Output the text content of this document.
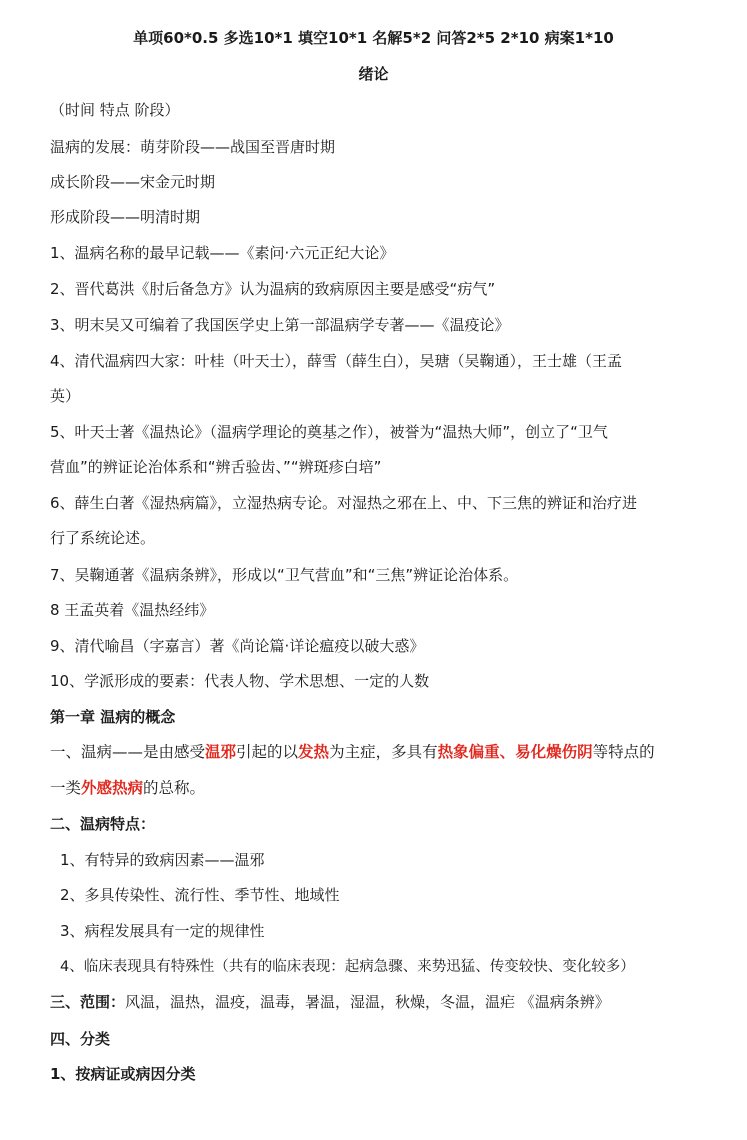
单项60*0.5 多选10*1 填空10*1 名解5*2 问答2*5 2*10 病案1*10
绪论
（时间 特点 阶段）
温病的发展：萌芽阶段——战国至晋唐时期
成长阶段——宋金元时期
形成阶段——明清时期
1、温病名称的最早记载——《素问·六元正纪大论》
2、晋代葛洪《肘后备急方》认为温病的致病原因主要是感受“疠气”
3、明末吴又可编着了我国医学史上第一部温病学专著——《温疫论》
4、清代温病四大家：叶桂（叶天士），薛雪（薛生白），吴瑭（吴鞠通），王士雄（王孟
英）
5、叶天士著《温热论》（温病学理论的奠基之作），被誉为“温热大师”，创立了“卫气
营血”的辨证论治体系和“辨舌验齿、”“辨斑疹白培”
6、薛生白著《湿热病篇》，立湿热病专论。对湿热之邪在上、中、下三焦的辨证和治疗进
行了系统论述。
7、吴鞠通著《温病条辨》，形成以“卫气营血”和“三焦”辨证论治体系。
8 王孟英着《温热经纬》
9、清代喻昌（字嘉言）著《尚论篇·详论瘟疫以破大惑》
10、学派形成的要素：代表人物、学术思想、一定的人数
第一章 温病的概念
一、温病——是由感受温邪引起的以发热为主症，多具有热象偏重、易化燥伤阴等特点的
一类外感热病的总称。
二、温病特点：
1、有特异的致病因素——温邪
2、多具传染性、流行性、季节性、地域性
3、病程发展具有一定的规律性
4、临床表现具有特殊性（共有的临床表现：起病急骤、来势迅猛、传变较快、变化较多）
三、范围：风温，温热，温疫，温毒，暑温，湿温，秋燥，冬温，温疟 《温病条辨》
四、分类
1、按病证或病因分类
